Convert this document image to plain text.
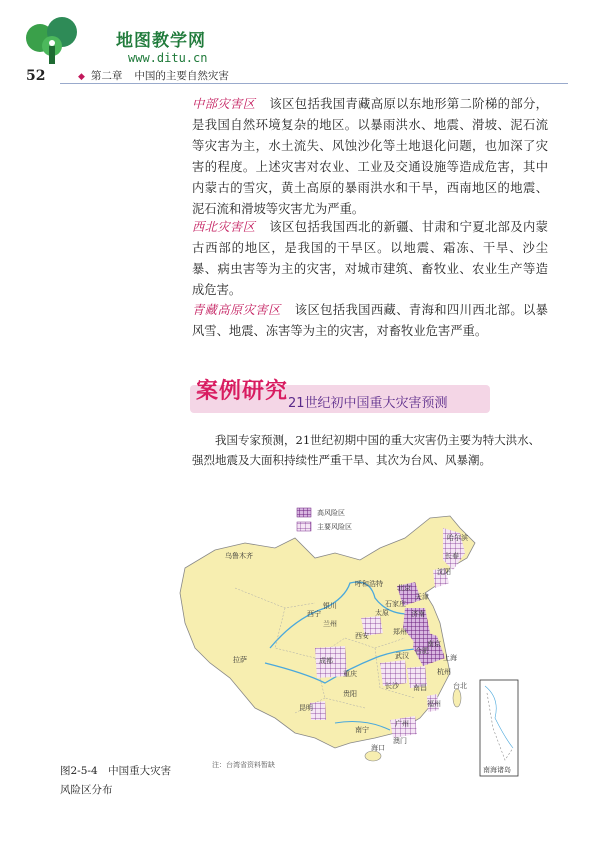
地图教学网
www.ditu.cn
52	◆ 第二章 中国的主要自然灾害

中部灾害区 该区包括我国青藏高原以东地形第二阶梯的部分，是我国自然环境复杂的地区。以暴雨洪水、地震、滑坡、泥石流等灾害为主，水土流失、风蚀沙化等土地退化问题，也加深了灾害的程度。上述灾害对农业、工业及交通设施等造成危害，其中内蒙古的雪灾，黄土高原的暴雨洪水和干旱，西南地区的地震、泥石流和滑坡等灾害尤为严重。

西北灾害区 该区包括我国西北的新疆、甘肃和宁夏北部及内蒙古西部的地区，是我国的干旱区。以地震、霜冻、干旱、沙尘暴、病虫害等为主的灾害，对城市建筑、畜牧业、农业生产等造成危害。

青藏高原灾害区 该区包括我国西藏、青海和四川西北部。以暴风雪、地震、冻害等为主的灾害，对畜牧业危害严重。

案例研究 21世纪初中国重大灾害预测

我国专家预测，21世纪初期中国的重大灾害仍主要为特大洪水、强烈地震及大面积持续性严重干旱、其次为台风、风暴潮。

高风险区
主要风险区
乌鲁木齐
哈尔滨
长春
沈阳
呼和浩特 北京
天津
银川
太原
石家庄
济南
西宁
兰州
郑州
西安
南京
合肥
上海
拉萨	成都
武汉
杭州
重庆
长沙 南昌
贵阳
福州
昆明
台北
广州
南宁
澳门
海口
南海诸岛
注：台湾省资料暂缺

图2-5-4　中国重大灾害风险区分布
